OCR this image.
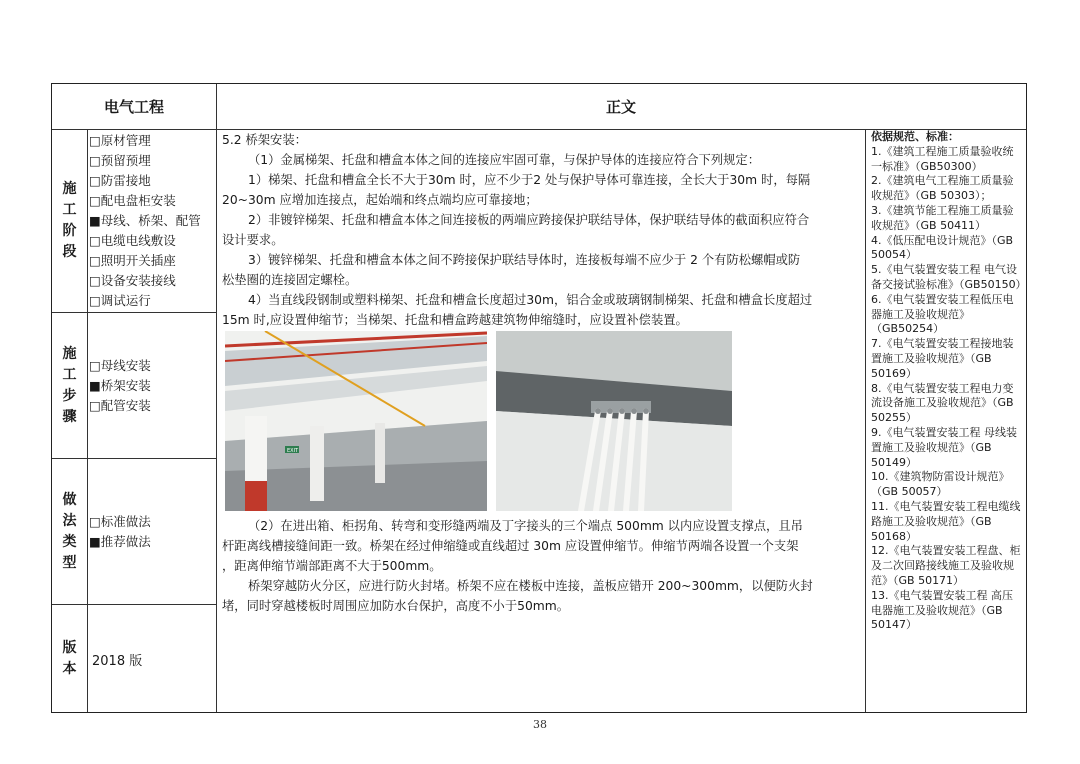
电气工程	正文
施
工
阶
段
□原材管理
□预留预埋
□防雷接地
□配电盘柜安装
■母线、桥架、配管
□电缆电线敷设
□照明开关插座
□设备安装接线
□调试运行
施
工
步
骤
□母线安装
■桥架安装
□配管安装
做
法
类
型
□标准做法
■推荐做法
版
本 2018 版

5.2 桥架安装：

（1）金属梯架、托盘和槽盒本体之间的连接应牢固可靠，与保护导体的连接应符合下列规定：

1）梯架、托盘和槽盒全长不大于30m 时，应不少于2 处与保护导体可靠连接，全长大于30m 时，每隔

20~30m 应增加连接点，起始端和终点端均应可靠接地；

2）非镀锌梯架、托盘和槽盒本体之间连接板的两端应跨接保护联结导体，保护联结导体的截面积应符合

设计要求。

3）镀锌梯架、托盘和槽盒本体之间不跨接保护联结导体时，连接板每端不应少于 2 个有防松螺帽或防

松垫圈的连接固定螺栓。

4）当直线段钢制或塑料梯架、托盘和槽盒长度超过30m，铝合金或玻璃钢制梯架、托盘和槽盒长度超过

15m 时,应设置伸缩节；当梯架、托盘和槽盒跨越建筑物伸缩缝时，应设置补偿装置。

EXIT

（2）在进出箱、柜拐角、转弯和变形缝两端及丁字接头的三个端点 500mm 以内应设置支撑点，且吊

杆距离线槽接缝间距一致。桥架在经过伸缩缝或直线超过 30m 应设置伸缩节。伸缩节两端各设置一个支架

，距离伸缩节端部距离不大于500mm。

桥架穿越防火分区，应进行防火封堵。桥架不应在楼板中连接，盖板应错开 200~300mm，以便防火封

堵，同时穿越楼板时周围应加防水台保护，高度不小于50mm。

依据规范、标准：
1.《建筑工程施工质量验收统一标准》（GB50300）
2.《建筑电气工程施工质量验收规范》（GB 50303）；
3.《建筑节能工程施工质量验收规范》（GB 50411）
4.《低压配电设计规范》（GB 50054）
5.《电气装置安装工程 电气设备交接试验标准》（GB50150）
6.《电气装置安装工程低压电器施工及验收规范》（GB50254）
7.《电气装置安装工程接地装置施工及验收规范》（GB 50169）
8.《电气装置安装工程电力变流设备施工及验收规范》（GB 50255）
9.《电气装置安装工程 母线装置施工及验收规范》（GB 50149）
10.《建筑物防雷设计规范》（GB 50057）
11.《电气装置安装工程电缆线路施工及验收规范》（GB 50168）
12.《电气装置安装工程盘、柜及二次回路接线施工及验收规范》（GB 50171）
13.《电气装置安装工程 高压电器施工及验收规范》（GB 50147）
38
